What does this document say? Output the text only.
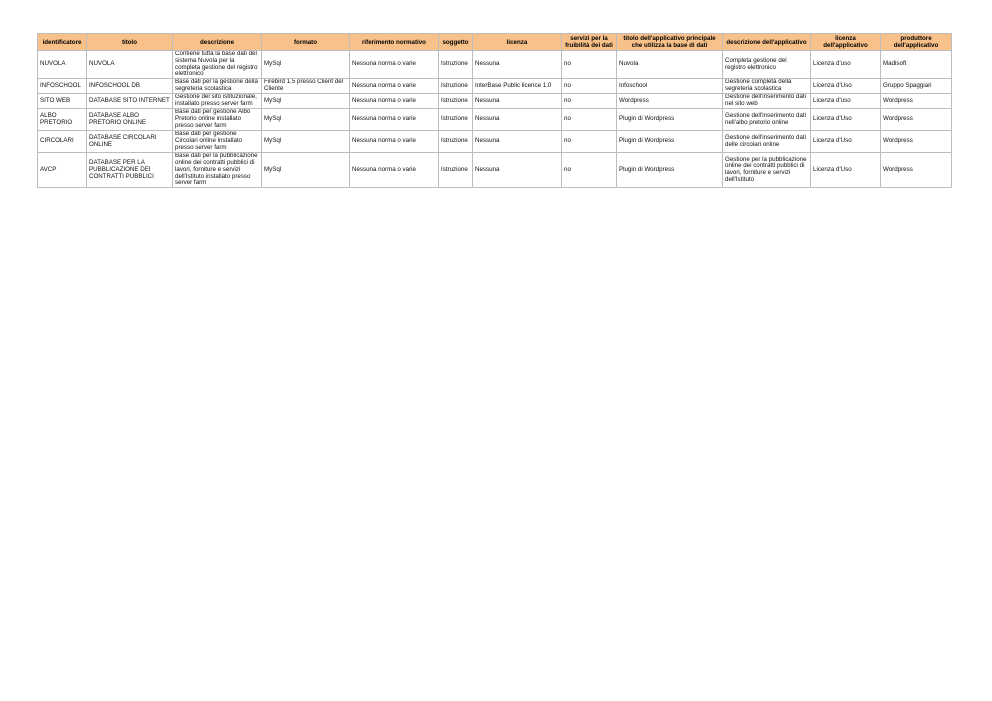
identificatore	titolo	descrizione	formato	riferimento normativo	soggetto	licenza	servizi per la fruibilità dei dati	titolo dell'applicativo principale che utilizza la base di dati	descrizione dell'applicativo	licenza dell'applicativo	produttore dell'applicativo
NUVOLA	NUVOLA	Contiene tutta la base dati del sistema Nuvola per la completa gestione del registro elettronico	MySql	Nessuna norma o varie	Istruzione	Nessuna	no	Nuvola	Completa gestione del registro elettronico	Licenza d'uso	Madisoft
INFOSCHOOL	INFOSCHOOL DB	Base dati per la gestione della segreteria scolastica	Firebird 1.5 presso Client del Cliente	Nessuna norma o varie	Istruzione	InterBase Public licence 1.0	no	Infoschool	Gestione completa della segreteria scolastica	Licenza d'Uso	Gruppo Spaggiari
SITO WEB	DATABASE SITO INTERNET	Gestione del sito istituzionale, installato presso server farm	MySql	Nessuna norma o varie	Istruzione	Nessuna	no	Wordpress	Gestione dell'inserimento dati nel sito web	Licenza d'uso	Wordpress
ALBO PRETORIO	DATABASE ALBO PRETORIO ONLINE	Base dati per gestione Albo Pretorio online installato presso server farm	MySql	Nessuna norma o varie	Istruzione	Nessuna	no	Plugin di Wordpress	Gestione dell'inserimento dati nell'albo pretorio online	Licenza d'Uso	Wordpress
CIRCOLARI	DATABASE CIRCOLARI ONLINE	Base dati per gestione Circolari online installato presso server farm	MySql	Nessuna norma o varie	Istruzione	Nessuna	no	Plugin di Wordpress	Gestione dell'inserimento dati delle circolari online	Licenza d'Uso	Wordpress
AVCP	DATABASE PER LA PUBBLICAZIONE DEI CONTRATTI PUBBLICI	Base dati per la pubblicazione online dei contratti pubblici di lavori, forniture e servizi dell'Istituto installato presso server farm	MySql	Nessuna norma o varie	Istruzione	Nessuna	no	Plugin di Wordpress	Gestione per la pubblicazione online dei contratti pubblici di lavori, forniture e servizi dell'Istituto	Licenza d'Uso	Wordpress
